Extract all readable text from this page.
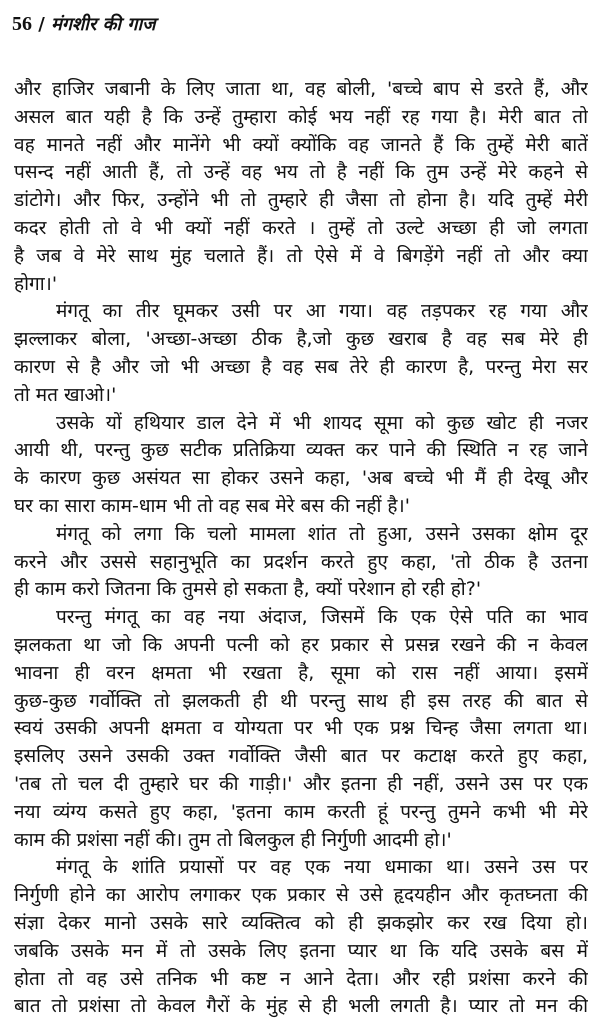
56 / मंगशीर की गाज
और हाजिर जबानी के लिए जाता था, वह बोली, 'बच्चे बाप से डरते हैं, और
असल बात यही है कि उन्हें तुम्हारा कोई भय नहीं रह गया है। मेरी बात तो
वह मानते नहीं और मानेंगे भी क्यों क्योंकि वह जानते हैं कि तुम्हें मेरी बातें
पसन्द नहीं आती हैं, तो उन्हें वह भय तो है नहीं कि तुम उन्हें मेरे कहने से
डांटोगे। और फिर, उन्होंने भी तो तुम्हारे ही जैसा तो होना है। यदि तुम्हें मेरी
कदर होती तो वे भी क्यों नहीं करते । तुम्हें तो उल्टे अच्छा ही जो लगता
है जब वे मेरे साथ मुंह चलाते हैं। तो ऐसे में वे बिगड़ेंगे नहीं तो और क्या
होगा।'
मंगतू का तीर घूमकर उसी पर आ गया। वह तड़पकर रह गया और
झल्लाकर बोला, 'अच्छा-अच्छा ठीक है,जो कुछ खराब है वह सब मेरे ही
कारण से है और जो भी अच्छा है वह सब तेरे ही कारण है, परन्तु मेरा सर
तो मत खाओ।'
उसके यों हथियार डाल देने में भी शायद सूमा को कुछ खोट ही नजर
आयी थी, परन्तु कुछ सटीक प्रतिक्रिया व्यक्त कर पाने की स्थिति न रह जाने
के कारण कुछ असंयत सा होकर उसने कहा, 'अब बच्चे भी मैं ही देखू और
घर का सारा काम-धाम भी तो वह सब मेरे बस की नहीं है।'
मंगतू को लगा कि चलो मामला शांत तो हुआ, उसने उसका क्षोम दूर
करने और उससे सहानुभूति का प्रदर्शन करते हुए कहा, 'तो ठीक है उतना
ही काम करो जितना कि तुमसे हो सकता है, क्यों परेशान हो रही हो?'
परन्तु मंगतू का वह नया अंदाज, जिसमें कि एक ऐसे पति का भाव
झलकता था जो कि अपनी पत्नी को हर प्रकार से प्रसन्न रखने की न केवल
भावना ही वरन क्षमता भी रखता है, सूमा को रास नहीं आया। इसमें
कुछ-कुछ गर्वोक्ति तो झलकती ही थी परन्तु साथ ही इस तरह की बात से
स्वयं उसकी अपनी क्षमता व योग्यता पर भी एक प्रश्न चिन्ह जैसा लगता था।
इसलिए उसने उसकी उक्त गर्वोक्ति जैसी बात पर कटाक्ष करते हुए कहा,
'तब तो चल दी तुम्हारे घर की गाड़ी।' और इतना ही नहीं, उसने उस पर एक
नया व्यंग्य कसते हुए कहा, 'इतना काम करती हूं परन्तु तुमने कभी भी मेरे
काम की प्रशंसा नहीं की। तुम तो बिलकुल ही निर्गुणी आदमी हो।'
मंगतू के शांति प्रयासों पर वह एक नया धमाका था। उसने उस पर
निर्गुणी होने का आरोप लगाकर एक प्रकार से उसे हृदयहीन और कृतघ्नता की
संज्ञा देकर मानो उसके सारे व्यक्तित्व को ही झकझोर कर रख दिया हो।
जबकि उसके मन में तो उसके लिए इतना प्यार था कि यदि उसके बस में
होता तो वह उसे तनिक भी कष्ट न आने देता। और रही प्रशंसा करने की
बात तो प्रशंसा तो केवल गैरों के मुंह से ही भली लगती है। प्यार तो मन की
